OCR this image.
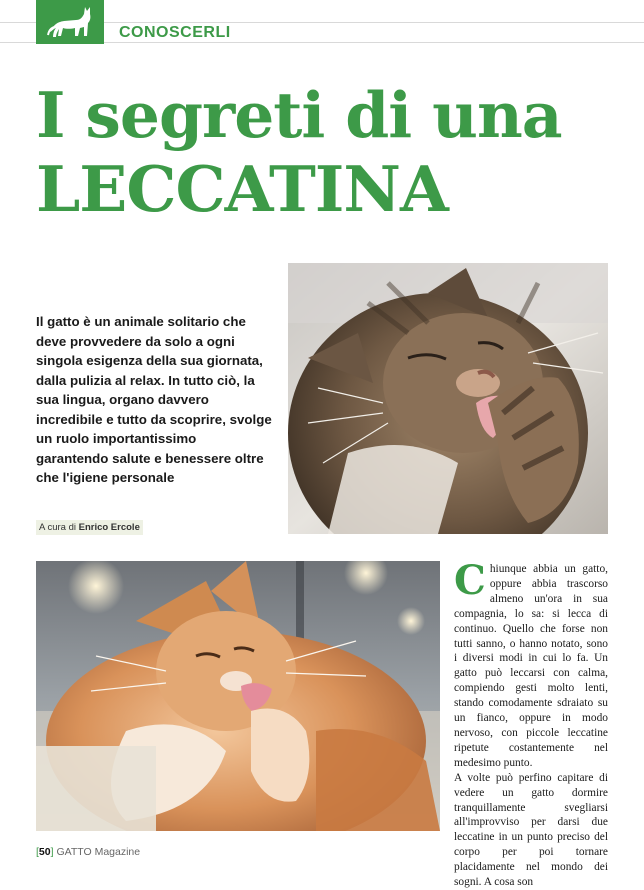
CONOSCERLI
I segreti di una
LECCATINA

Il gatto è un animale solitario che deve provvedere da solo a ogni singola esigenza della sua giornata, dalla pulizia al relax. In tutto ciò, la sua lingua, organo davvero incredibile e tutto da scoprire, svolge un ruolo importantissimo garantendo salute e benessere oltre che l'igiene personale

A cura di Enrico Ercole

Chiunque abbia un gatto, oppure abbia trascorso almeno un'ora in sua compagnia, lo sa: si lecca di continuo. Quello che forse non tutti sanno, o hanno notato, sono i diversi modi in cui lo fa. Un gatto può leccarsi con calma, compiendo gesti molto lenti, stando comodamente sdraiato su un fianco, oppure in modo nervoso, con piccole leccatine ripetute costantemente nel medesimo punto.

A volte può perfino capitare di vedere un gatto dormire tranquillamente svegliarsi all'improvviso per darsi due leccatine in un punto preciso del corpo per poi tornare placidamente nel mondo dei sogni. A cosa son

[50] GATTO Magazine
